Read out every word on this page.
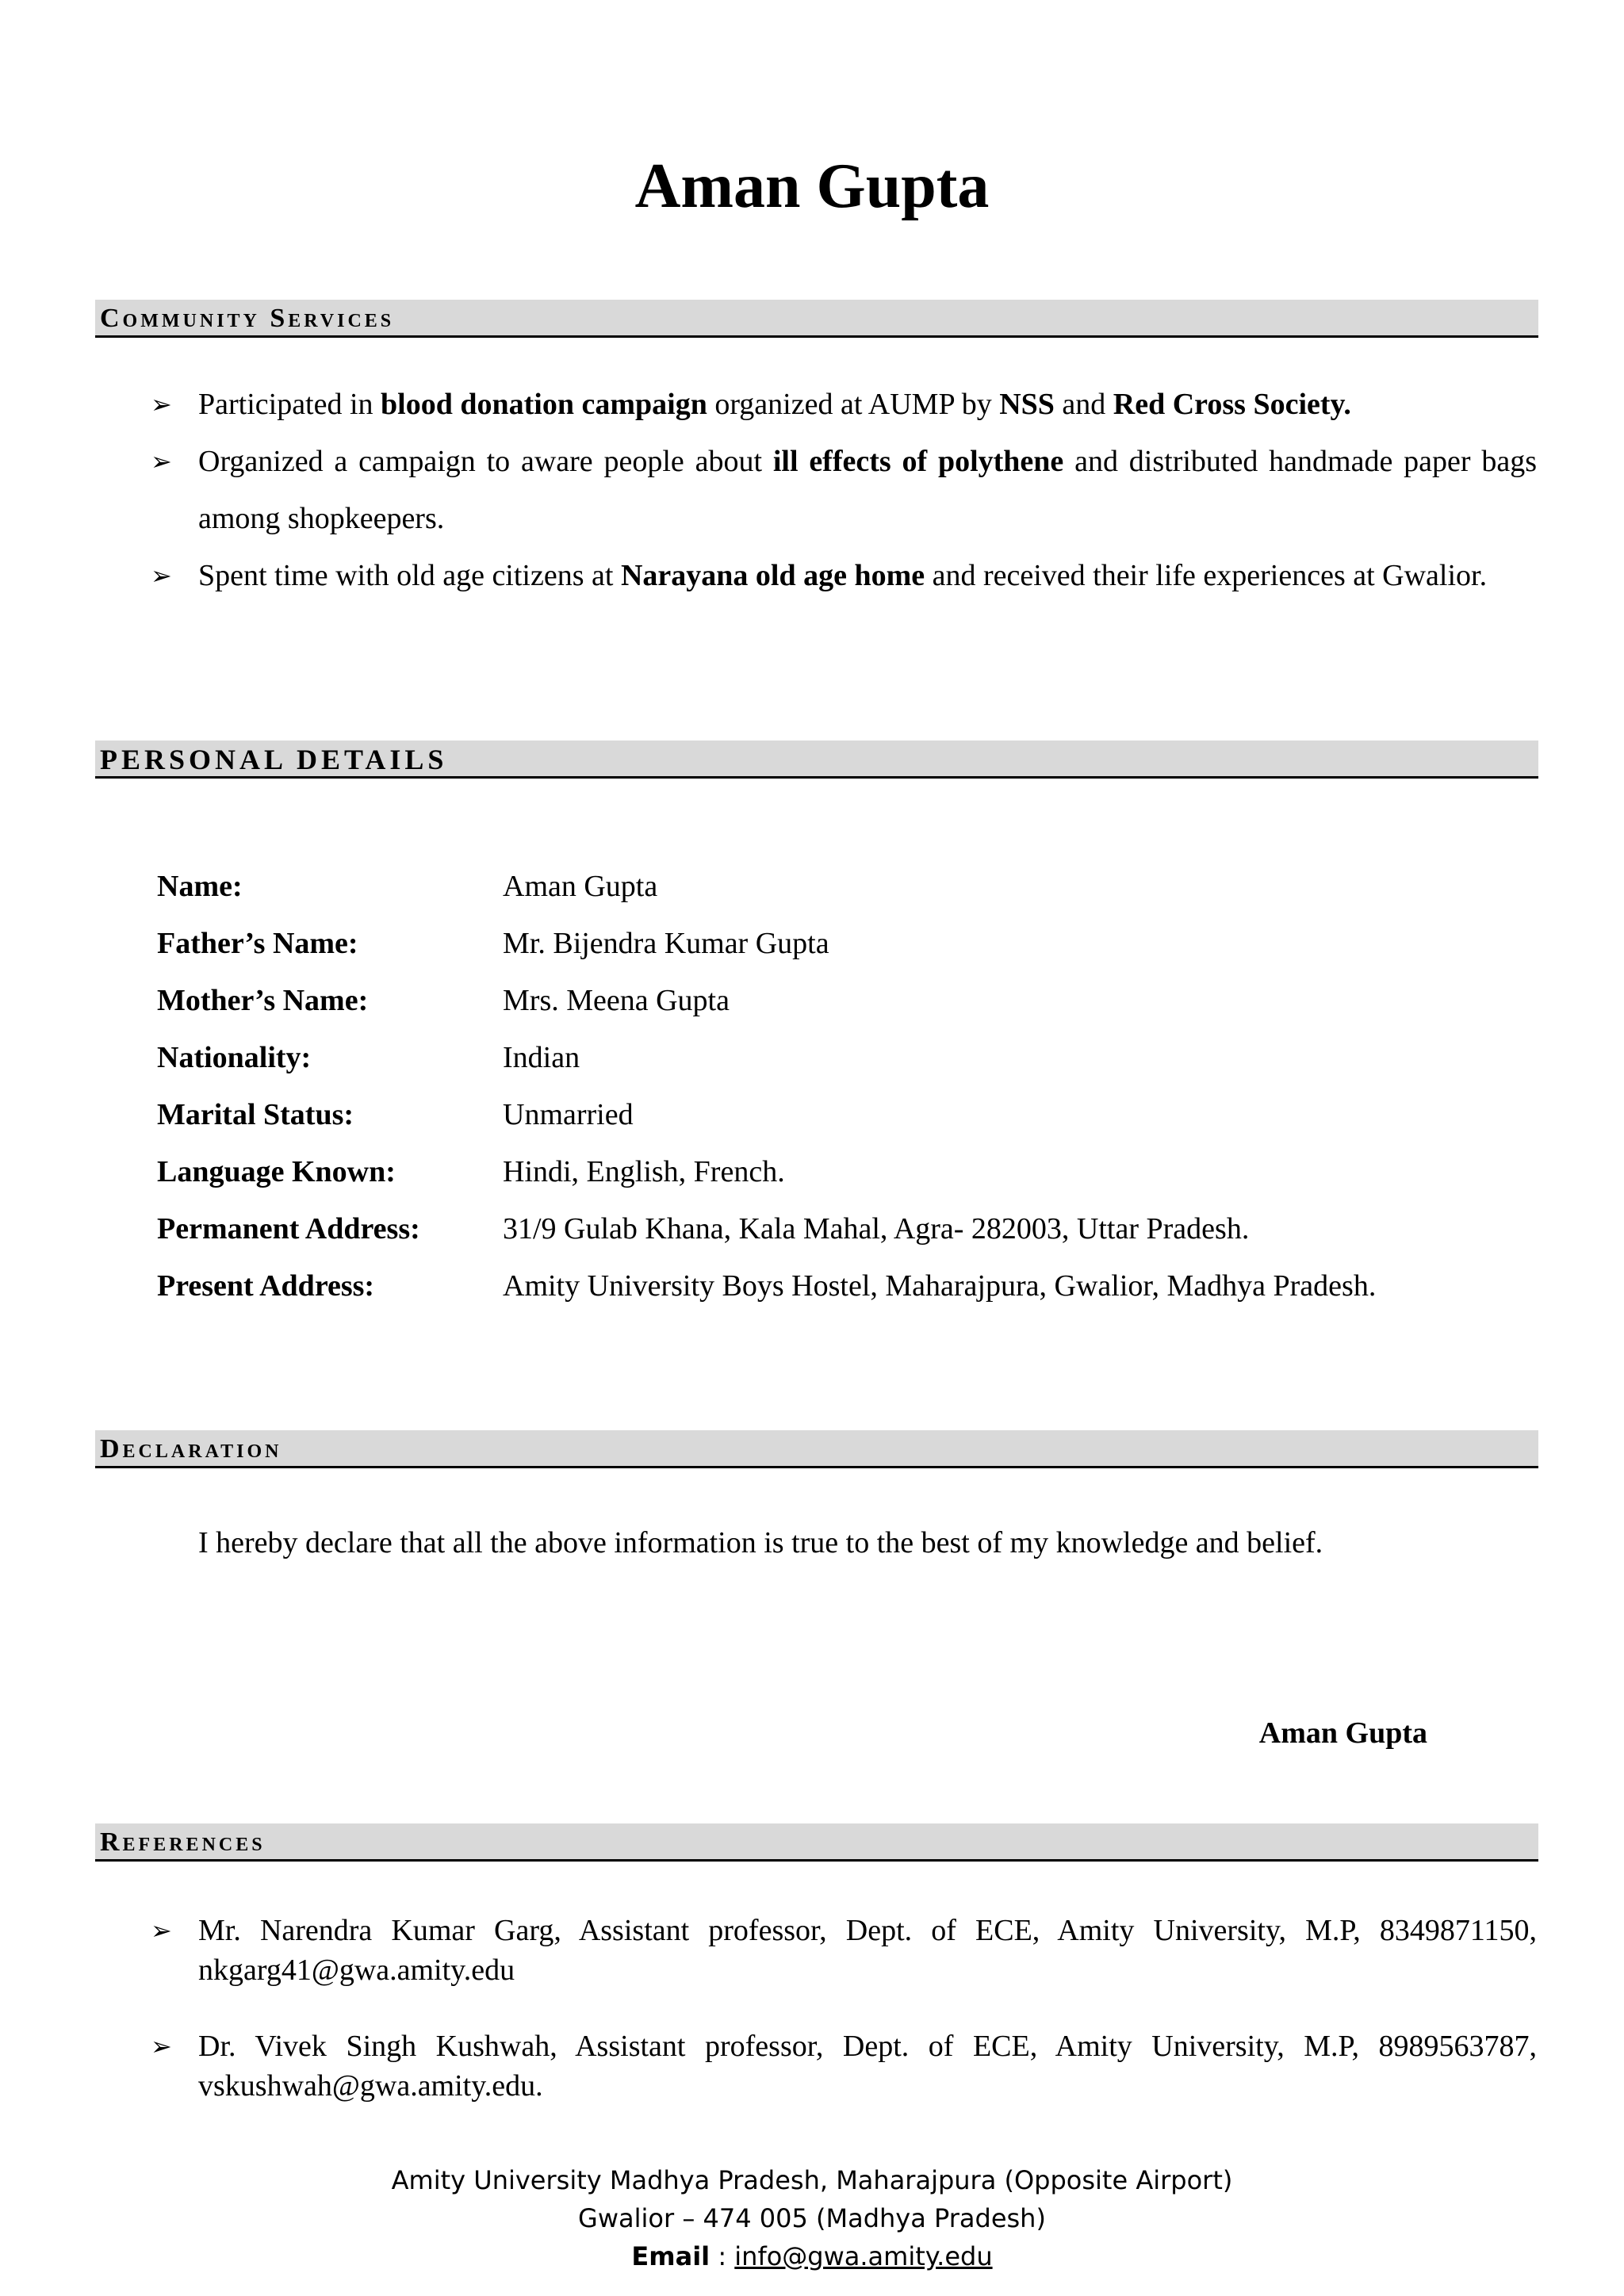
Aman Gupta
Community Services
➢ Participated in blood donation campaign organized at AUMP by NSS and Red Cross Society.
➢ Organized a campaign to aware people about ill effects of polythene and distributed handmade paper bags among shopkeepers.
➢ Spent time with old age citizens at Narayana old age home and received their life experiences at Gwalior.
PERSONAL DETAILS
Name:	Aman Gupta
Father’s Name:	Mr. Bijendra Kumar Gupta
Mother’s Name:	Mrs. Meena Gupta
Nationality:	Indian
Marital Status:	Unmarried
Language Known:	Hindi, English, French.
Permanent Address:	31/9 Gulab Khana, Kala Mahal, Agra- 282003, Uttar Pradesh.
Present Address:	Amity University Boys Hostel, Maharajpura, Gwalior, Madhya Pradesh.
Declaration
I hereby declare that all the above information is true to the best of my knowledge and belief.
Aman Gupta
References
➢ Mr. Narendra Kumar Garg, Assistant professor, Dept. of ECE, Amity University, M.P, 8349871150, nkgarg41@gwa.amity.edu
➢ Dr. Vivek Singh Kushwah, Assistant professor, Dept. of ECE, Amity University, M.P, 8989563787, vskushwah@gwa.amity.edu.
Amity University Madhya Pradesh, Maharajpura (Opposite Airport)
Gwalior – 474 005 (Madhya Pradesh)
Email : info@gwa.amity.edu
